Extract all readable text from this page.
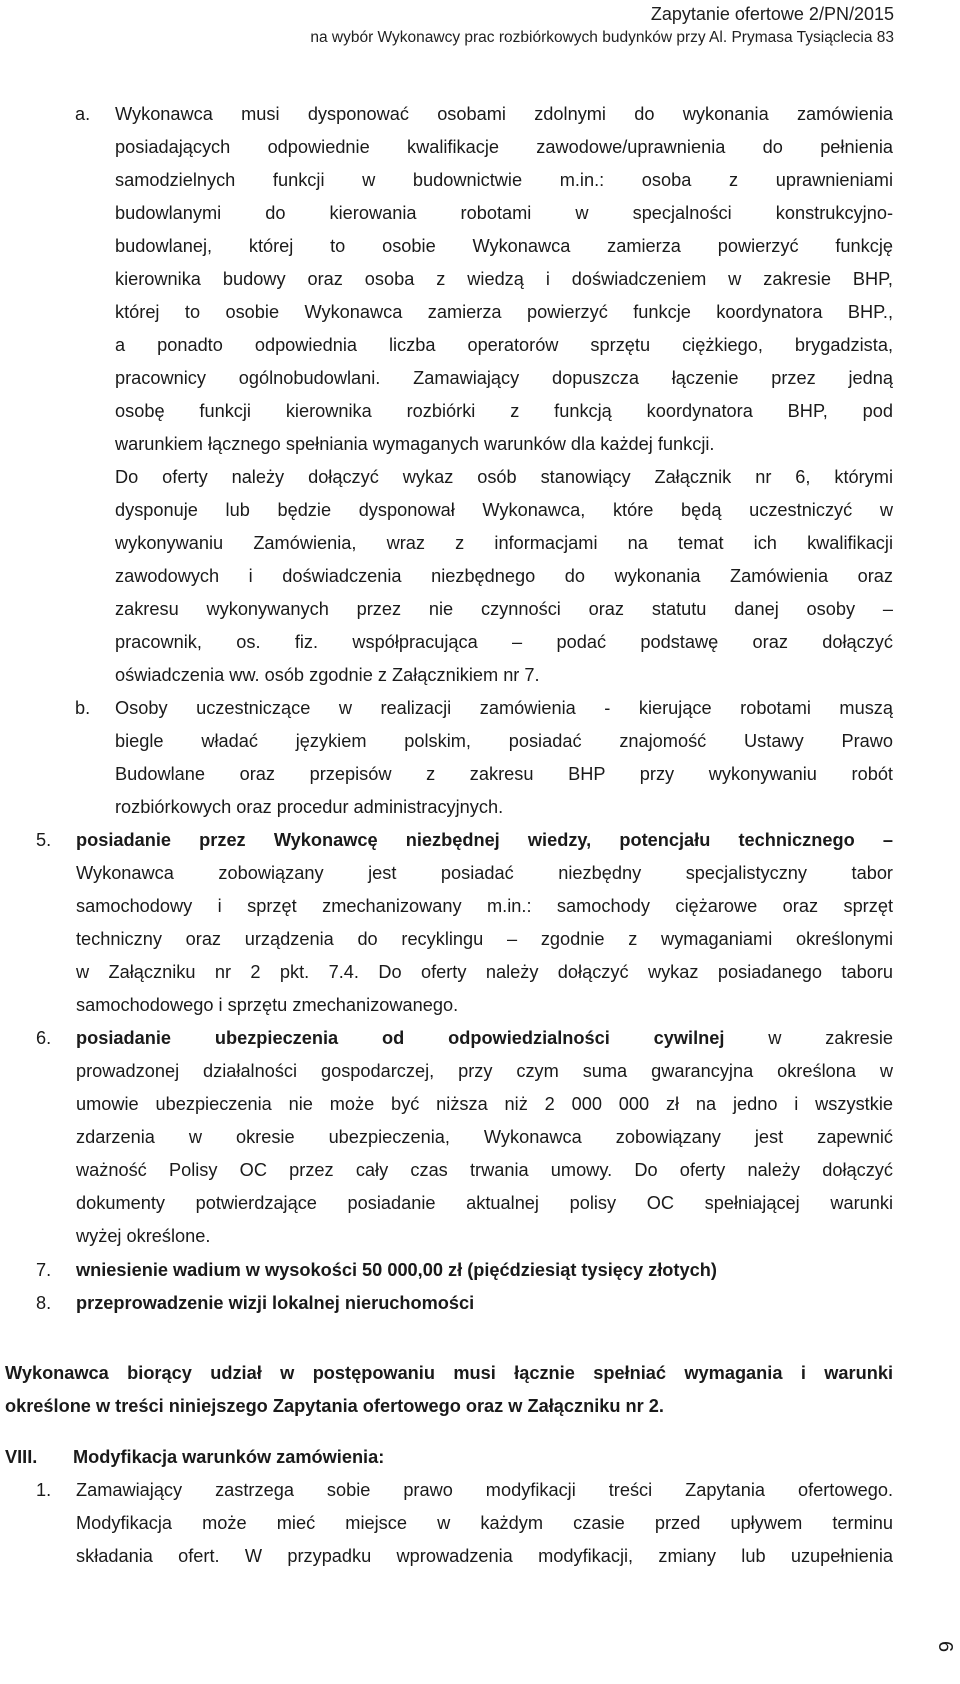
Zapytanie ofertowe 2/PN/2015
na wybór Wykonawcy prac rozbiórkowych budynków przy Al. Prymasa Tysiąclecia 83
a. Wykonawca musi dysponować osobami zdolnymi do wykonania zamówienia

posiadających odpowiednie kwalifikacje zawodowe/uprawnienia do pełnienia

samodzielnych funkcji w budownictwie m.in.: osoba z uprawnieniami

budowlanymi do kierowania robotami w specjalności konstrukcyjno-

budowlanej, której to osobie Wykonawca zamierza powierzyć funkcję

kierownika budowy oraz osoba z wiedzą i doświadczeniem w zakresie BHP,

której to osobie Wykonawca zamierza powierzyć funkcje koordynatora BHP.,

a ponadto odpowiednia liczba operatorów sprzętu ciężkiego, brygadzista,

pracownicy ogólnobudowlani. Zamawiający dopuszcza łączenie przez jedną

osobę funkcji kierownika rozbiórki z funkcją koordynatora BHP, pod

warunkiem łącznego spełniania wymaganych warunków dla każdej funkcji.

Do oferty należy dołączyć wykaz osób stanowiący Załącznik nr 6, którymi

dysponuje lub będzie dysponował Wykonawca, które będą uczestniczyć w

wykonywaniu Zamówienia, wraz z informacjami na temat ich kwalifikacji

zawodowych i doświadczenia niezbędnego do wykonania Zamówienia oraz

zakresu wykonywanych przez nie czynności oraz statutu danej osoby –

pracownik, os. fiz. współpracująca – podać podstawę oraz dołączyć

oświadczenia ww. osób zgodnie z Załącznikiem nr 7.

b. Osoby uczestniczące w realizacji zamówienia - kierujące robotami muszą

biegle władać językiem polskim, posiadać znajomość Ustawy Prawo

Budowlane oraz przepisów z zakresu BHP przy wykonywaniu robót

rozbiórkowych oraz procedur administracyjnych.

5. posiadanie przez Wykonawcę niezbędnej wiedzy, potencjału technicznego –

Wykonawca zobowiązany jest posiadać niezbędny specjalistyczny tabor

samochodowy i sprzęt zmechanizowany m.in.: samochody ciężarowe oraz sprzęt

techniczny oraz urządzenia do recyklingu – zgodnie z wymaganiami określonymi

w Załączniku nr 2 pkt. 7.4. Do oferty należy dołączyć wykaz posiadanego taboru

samochodowego i sprzętu zmechanizowanego.

6. posiadanie ubezpieczenia od odpowiedzialności cywilnej w zakresie

prowadzonej działalności gospodarczej, przy czym suma gwarancyjna określona w

umowie ubezpieczenia nie może być niższa niż 2 000 000 zł na jedno i wszystkie

zdarzenia w okresie ubezpieczenia, Wykonawca zobowiązany jest zapewnić

ważność Polisy OC przez cały czas trwania umowy. Do oferty należy dołączyć

dokumenty potwierdzające posiadanie aktualnej polisy OC spełniającej warunki

wyżej określone.

7. wniesienie wadium w wysokości 50 000,00 zł (pięćdziesiąt tysięcy złotych)

8. przeprowadzenie wizji lokalnej nieruchomości

Wykonawca biorący udział w postępowaniu musi łącznie spełniać wymagania i warunki

określone w treści niniejszego Zapytania ofertowego oraz w Załączniku nr 2.

VIII. Modyfikacja warunków zamówienia:
1. Zamawiający zastrzega sobie prawo modyfikacji treści Zapytania ofertowego.

Modyfikacja może mieć miejsce w każdym czasie przed upływem terminu

składania ofert. W przypadku wprowadzenia modyfikacji, zmiany lub uzupełnienia

6
